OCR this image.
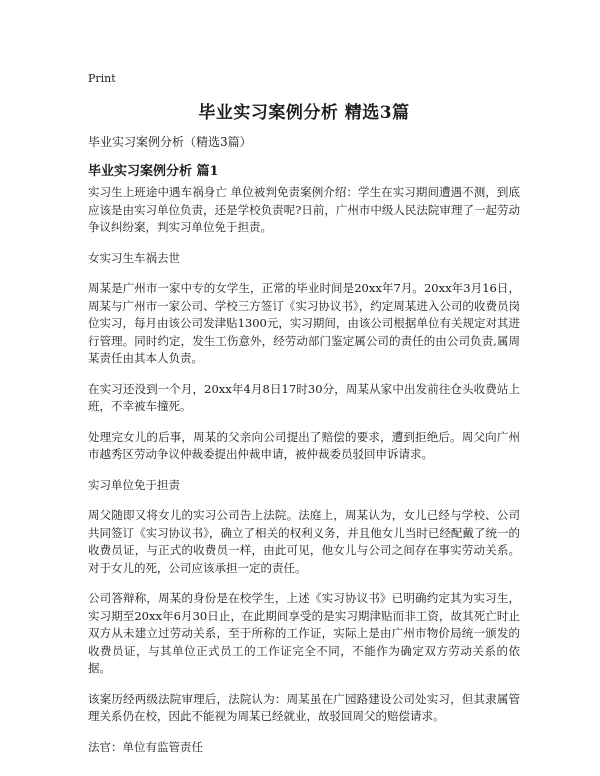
Print
毕业实习案例分析 精选3篇
毕业实习案例分析（精选3篇）
毕业实习案例分析 篇1
实习生上班途中遇车祸身亡 单位被判免责案例介绍：学生在实习期间遭遇不测，到底应该是由实习单位负责，还是学校负责呢?日前，广州市中级人民法院审理了一起劳动争议纠纷案，判实习单位免于担责。
女实习生车祸去世
周某是广州市一家中专的女学生，正常的毕业时间是20xx年7月。20xx年3月16日，周某与广州市一家公司、学校三方签订《实习协议书》，约定周某进入公司的收费员岗位实习，每月由该公司发津贴1300元，实习期间，由该公司根据单位有关规定对其进行管理。同时约定，发生工伤意外，经劳动部门鉴定属公司的责任的由公司负责,属周某责任由其本人负责。
在实习还没到一个月，20xx年4月8日17时30分，周某从家中出发前往仓头收费站上班，不幸被车撞死。
处理完女儿的后事，周某的父亲向公司提出了赔偿的要求，遭到拒绝后。周父向广州市越秀区劳动争议仲裁委提出仲裁申请，被仲裁委员驳回申诉请求。
实习单位免于担责
周父随即又将女儿的实习公司告上法院。法庭上，周某认为，女儿已经与学校、公司共同签订《实习协议书》，确立了相关的权利义务，并且他女儿当时已经配戴了统一的收费员证，与正式的收费员一样，由此可见，他女儿与公司之间存在事实劳动关系。对于女儿的死，公司应该承担一定的责任。
公司答辩称，周某的身份是在校学生，上述《实习协议书》已明确约定其为实习生，实习期至20xx年6月30日止，在此期间享受的是实习期津贴而非工资，故其死亡时止双方从未建立过劳动关系，至于所称的工作证，实际上是由广州市物价局统一颁发的收费员证，与其单位正式员工的工作证完全不同，不能作为确定双方劳动关系的依据。
该案历经两级法院审理后，法院认为：周某虽在广园路建设公司处实习，但其隶属管理关系仍在校，因此不能视为周某已经就业，故驳回周父的赔偿请求。
法官：单位有监管责任
